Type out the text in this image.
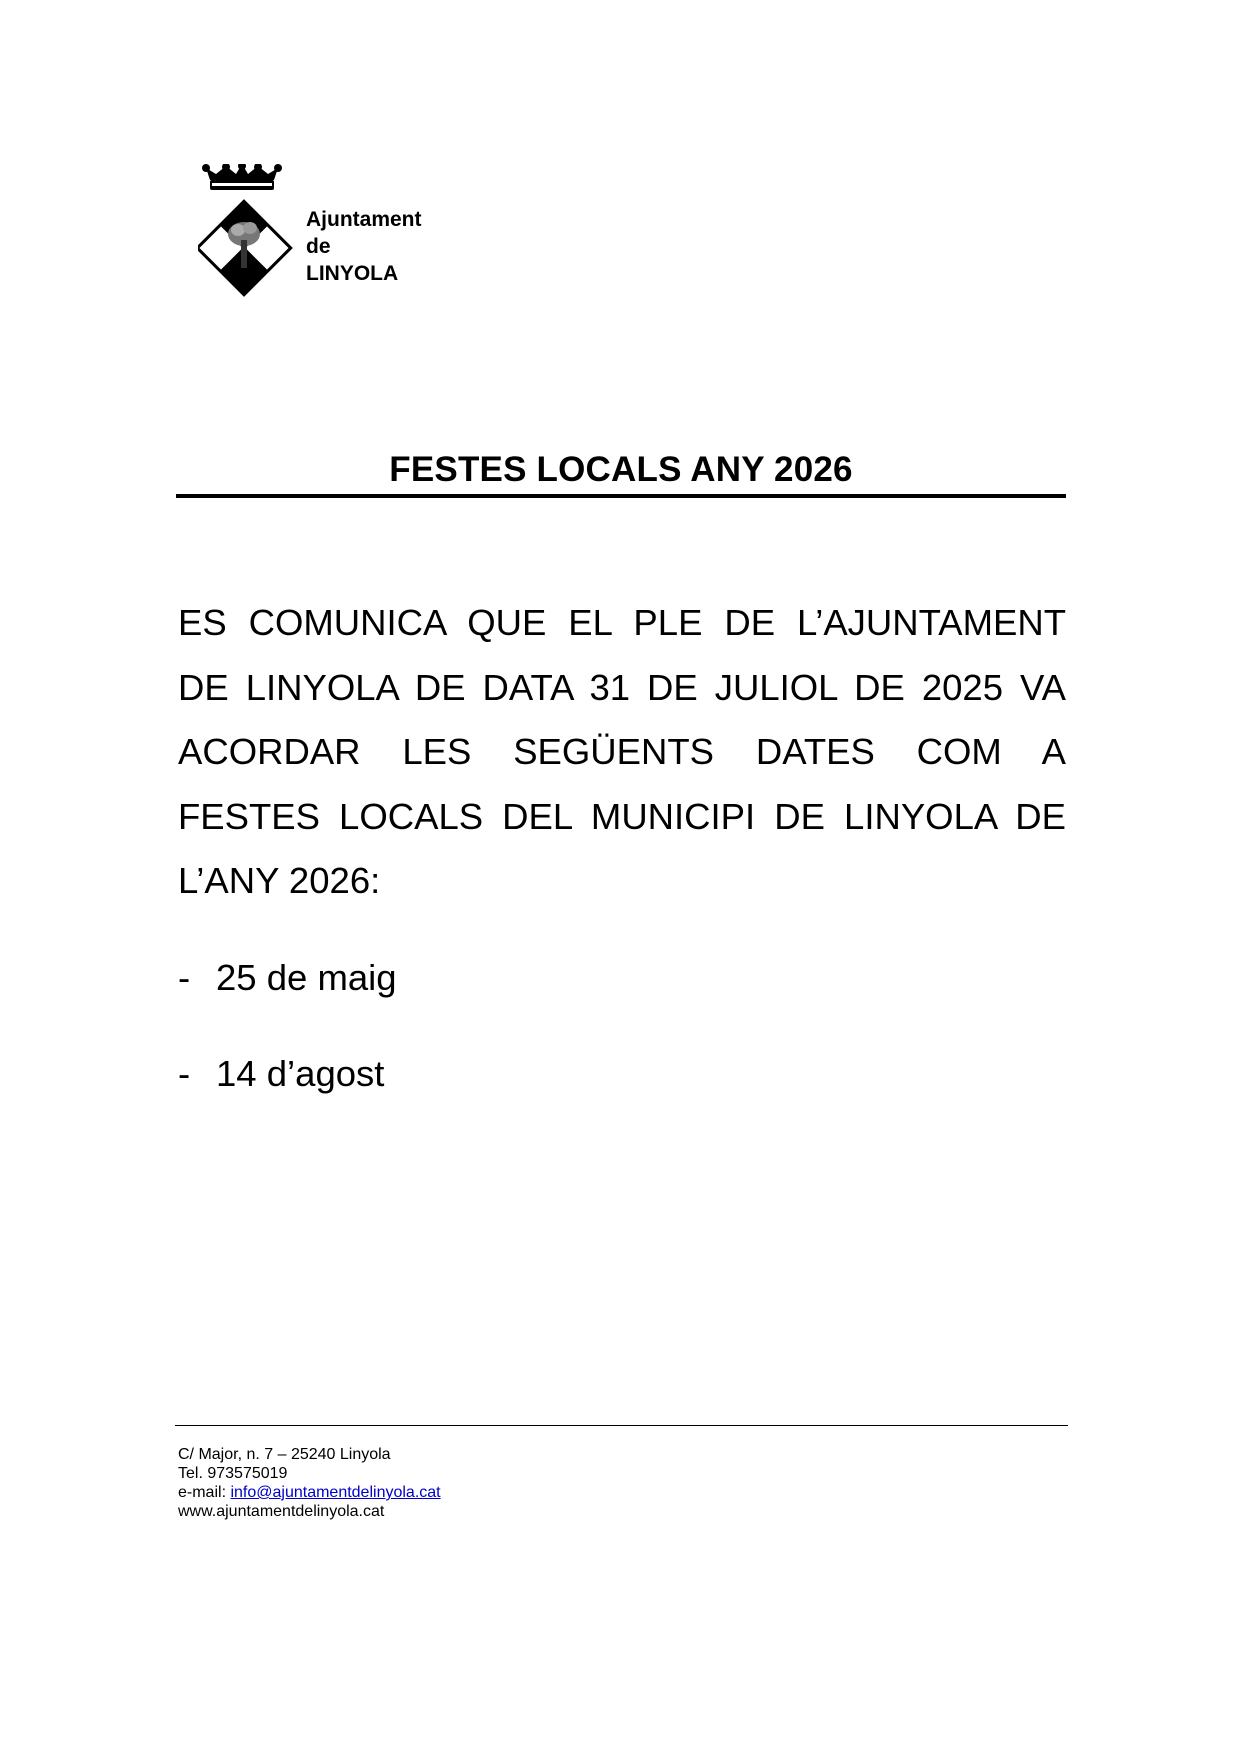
Ajuntament
de
LINYOLA
FESTES LOCALS ANY 2026
ES COMUNICA QUE EL PLE DE L’AJUNTAMENT
DE LINYOLA DE DATA 31 DE JULIOL DE 2025 VA
ACORDAR LES SEGÜENTS DATES COM A
FESTES LOCALS DEL MUNICIPI DE LINYOLA DE
L’ANY 2026:
- 25 de maig
- 14 d’agost
C/ Major, n. 7 – 25240 Linyola
Tel. 973575019
e-mail: info@ajuntamentdelinyola.cat
www.ajuntamentdelinyola.cat
